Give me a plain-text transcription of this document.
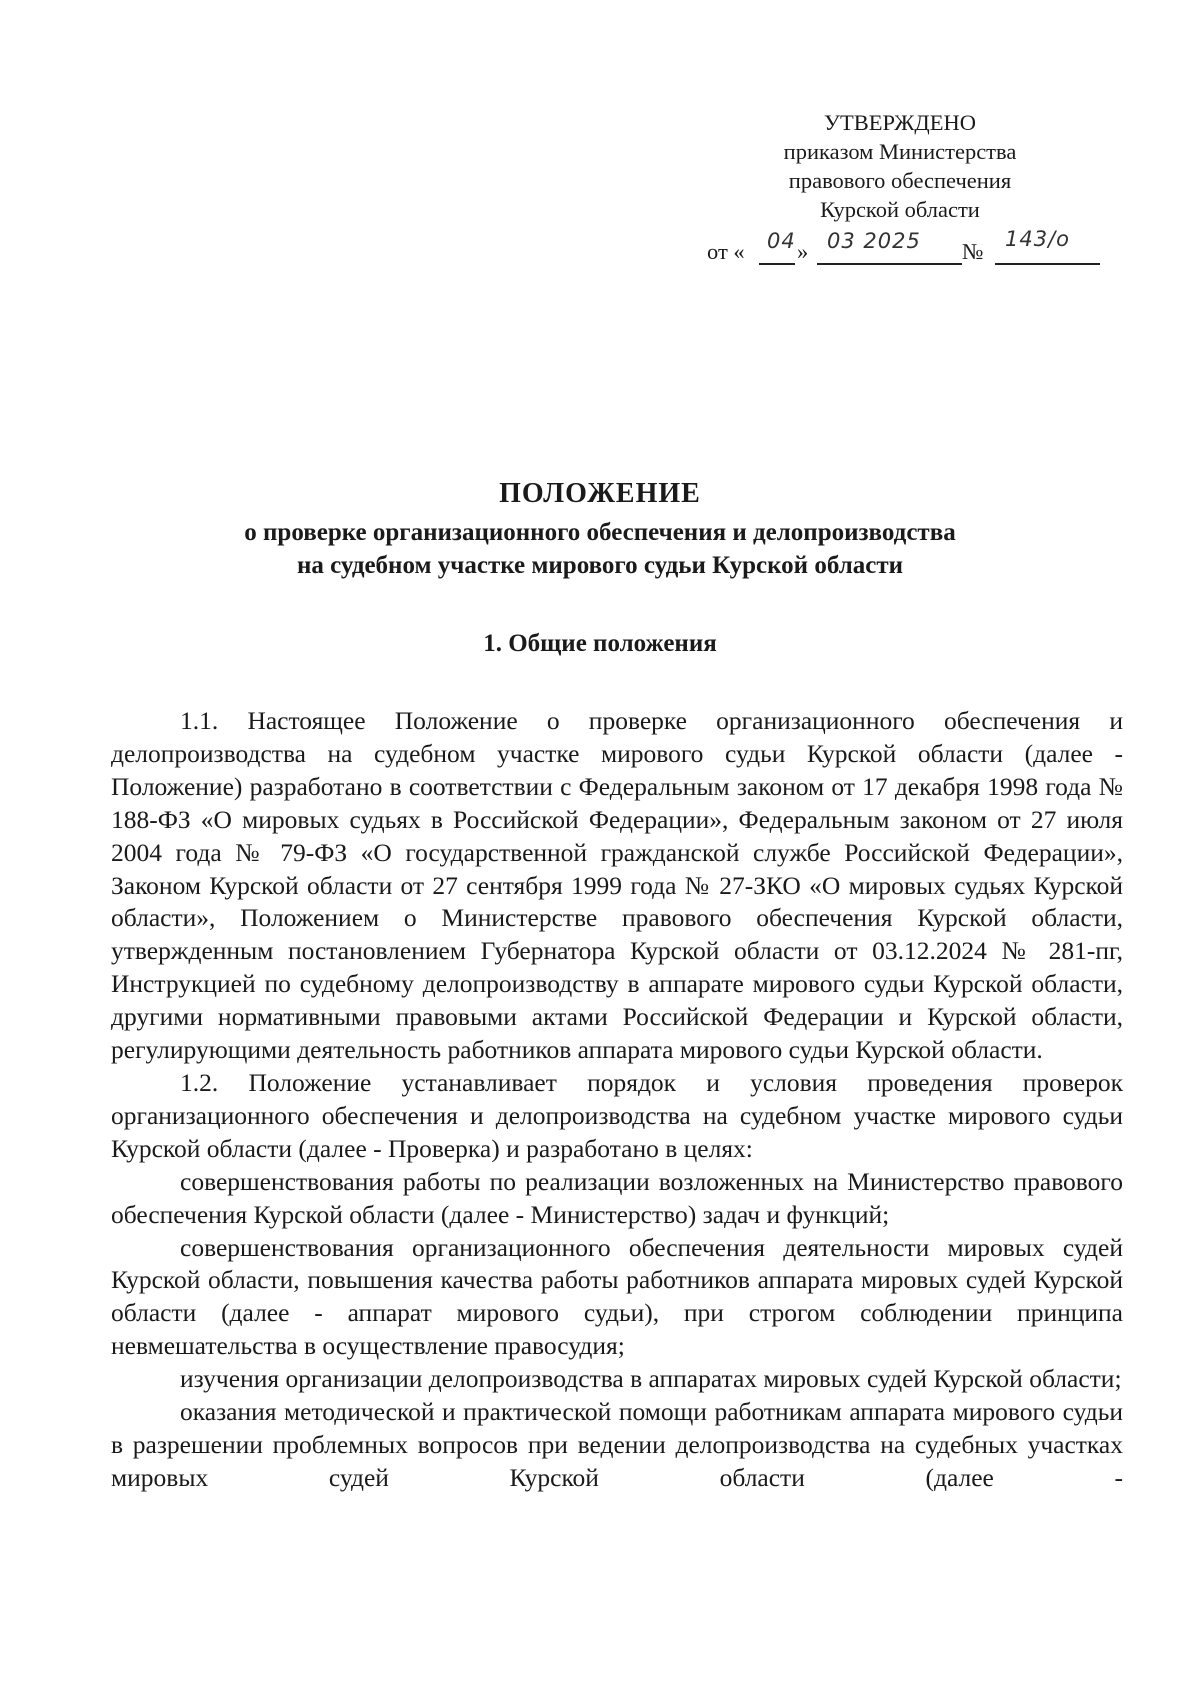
УТВЕРЖДЕНО
приказом Министерства
правового обеспечения
Курской области
от « 04 » 03 2025 № 143/о
ПОЛОЖЕНИЕ
о проверке организационного обеспечения и делопроизводства
на судебном участке мирового судьи Курской области
1. Общие положения

1.1. Настоящее Положение о проверке организационного обеспечения и делопроизводства на судебном участке мирового судьи Курской области (далее - Положение) разработано в соответствии с Федеральным законом от 17 декабря 1998 года № 188-ФЗ «О мировых судьях в Российской Федерации», Федеральным законом от 27 июля 2004 года № 79-ФЗ «О государственной гражданской службе Российской Федерации», Законом Курской области от 27 сентября 1999 года № 27-ЗКО «О мировых судьях Курской области», Положением о Министерстве правового обеспечения Курской области, утвержденным постановлением Губернатора Курской области от 03.12.2024 № 281-пг, Инструкцией по судебному делопроизводству в аппарате мирового судьи Курской области, другими нормативными правовыми актами Российской Федерации и Курской области, регулирующими деятельность работников аппарата мирового судьи Курской области.

1.2. Положение устанавливает порядок и условия проведения проверок организационного обеспечения и делопроизводства на судебном участке мирового судьи Курской области (далее - Проверка) и разработано в целях:

совершенствования работы по реализации возложенных на Министерство правового обеспечения Курской области (далее - Министерство) задач и функций;

совершенствования организационного обеспечения деятельности мировых судей Курской области, повышения качества работы работников аппарата мировых судей Курской области (далее - аппарат мирового судьи), при строгом соблюдении принципа невмешательства в осуществление правосудия;

изучения организации делопроизводства в аппаратах мировых судей Курской области;

оказания методической и практической помощи работникам аппарата мирового судьи в разрешении проблемных вопросов при ведении делопроизводства на судебных участках мировых судей Курской области (далее -
